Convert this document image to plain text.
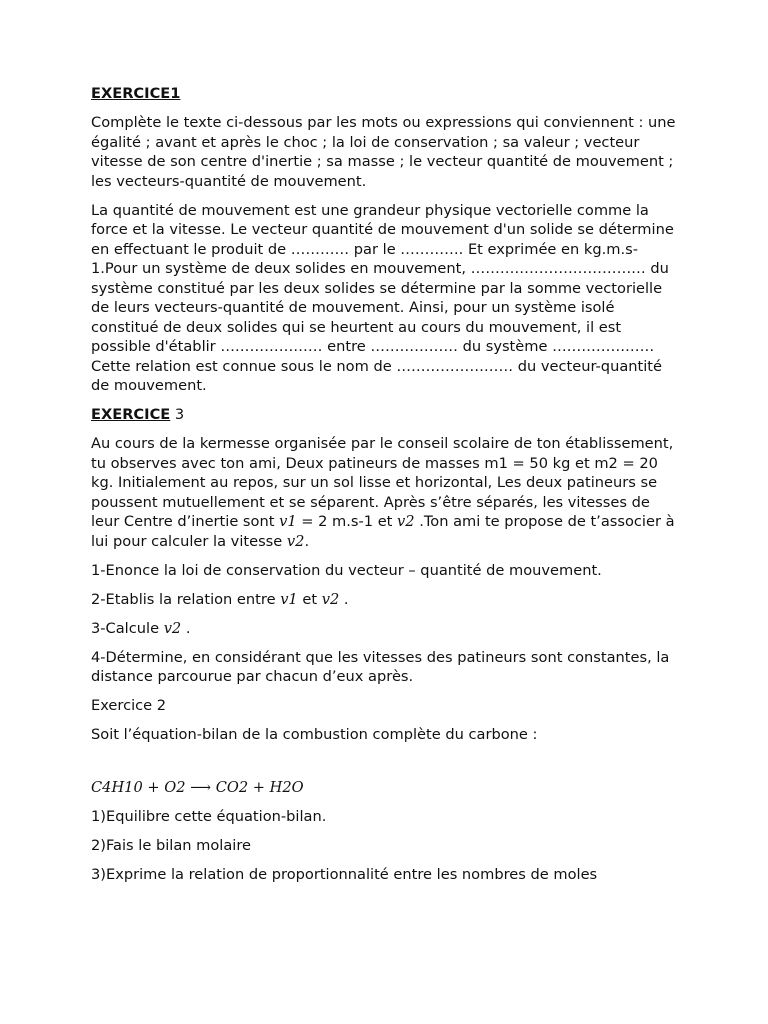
EXERCICE1

Complète le texte ci-dessous par les mots ou expressions qui conviennent : une égalité ; avant et après le choc ; la loi de conservation ; sa valeur ; vecteur vitesse de son centre d'inertie ; sa masse ; le vecteur quantité de mouvement ; les vecteurs-quantité de mouvement.

La quantité de mouvement est une grandeur physique vectorielle comme la force et la vitesse. Le vecteur quantité de mouvement d'un solide se détermine en effectuant le produit de ………… par le …………. Et exprimée en kg.m.s-1.Pour un système de deux solides en mouvement, ……………………………… du système constitué par les deux solides se détermine par la somme vectorielle de leurs vecteurs-quantité de mouvement. Ainsi, pour un système isolé constitué de deux solides qui se heurtent au cours du mouvement, il est possible d'établir ………………… entre ……………… du système ………………… Cette relation est connue sous le nom de …………………… du vecteur-quantité de mouvement.

EXERCICE 3

Au cours de la kermesse organisée par le conseil scolaire de ton établissement, tu observes avec ton ami, Deux patineurs de masses m1 = 50 kg et m2 = 20 kg. Initialement au repos, sur un sol lisse et horizontal, Les deux patineurs se poussent mutuellement et se séparent. Après s’être séparés, les vitesses de leur Centre d’inertie sont 𝑣1 = 2 m.s-1 et 𝑣2 .Ton ami te propose de t’associer à lui pour calculer la vitesse 𝑣2.

1-Enonce la loi de conservation du vecteur – quantité de mouvement.

2-Etablis la relation entre 𝑣1 et 𝑣2 .

3-Calcule 𝑣2 .

4-Détermine, en considérant que les vitesses des patineurs sont constantes, la distance parcourue par chacun d’eux après.

Exercice 2

Soit l’équation-bilan de la combustion complète du carbone :

𝐶4𝐻10 + 𝑂2 ⟶ 𝐶𝑂2 + 𝐻2𝑂

1)Equilibre cette équation-bilan.

2)Fais le bilan molaire

3)Exprime la relation de proportionnalité entre les nombres de moles
